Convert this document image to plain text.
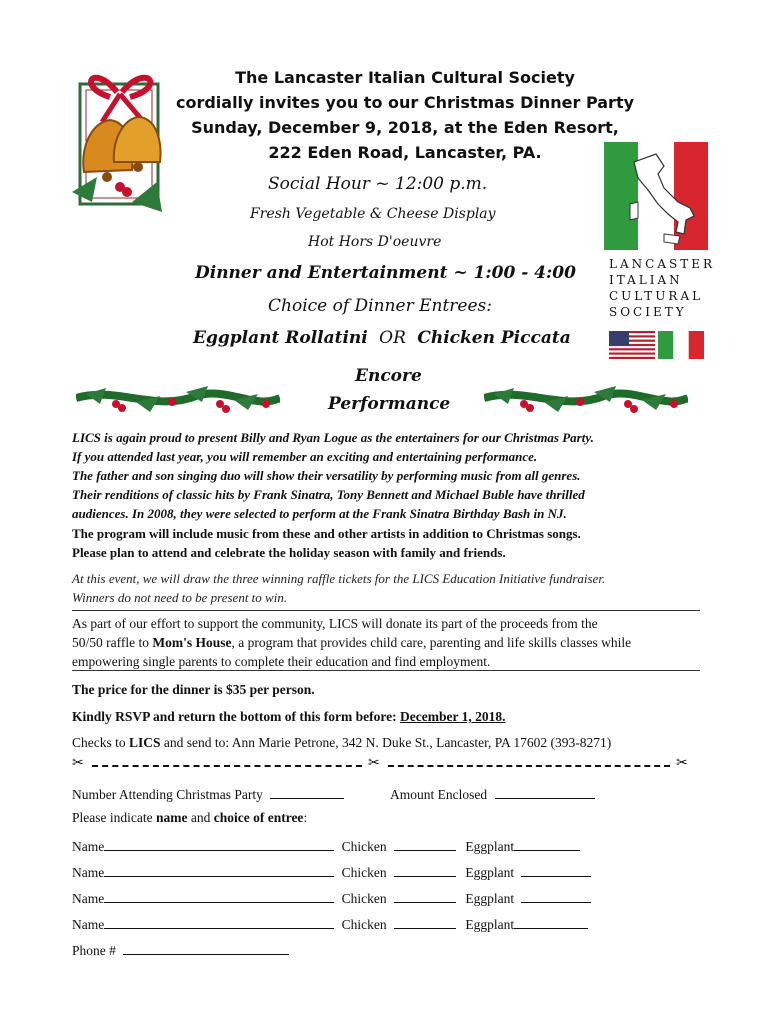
The Lancaster Italian Cultural Society
cordially invites you to our Christmas Dinner Party
Sunday, December 9, 2018, at the Eden Resort,
222 Eden Road, Lancaster, PA.
Social Hour ~ 12:00 p.m.
Fresh Vegetable & Cheese Display
Hot Hors D'oeuvre
Dinner and Entertainment ~ 1:00 - 4:00
Choice of Dinner Entrees:
Eggplant Rollatini OR Chicken Piccata
Encore
Performance
LANCASTER
ITALIAN
CULTURAL
SOCIETY
LICS is again proud to present Billy and Ryan Logue as the entertainers for our Christmas Party.
If you attended last year, you will remember an exciting and entertaining performance.
The father and son singing duo will show their versatility by performing music from all genres.
Their renditions of classic hits by Frank Sinatra, Tony Bennett and Michael Buble have thrilled
audiences. In 2008, they were selected to perform at the Frank Sinatra Birthday Bash in NJ.
The program will include music from these and other artists in addition to Christmas songs.
Please plan to attend and celebrate the holiday season with family and friends.
At this event, we will draw the three winning raffle tickets for the LICS Education Initiative fundraiser.
Winners do not need to be present to win.
As part of our effort to support the community, LICS will donate its part of the proceeds from the
50/50 raffle to Mom's House, a program that provides child care, parenting and life skills classes while
empowering single parents to complete their education and find employment.
The price for the dinner is $35 per person.
Kindly RSVP and return the bottom of this form before: December 1, 2018.
Checks to LICS and send to: Ann Marie Petrone, 342 N. Duke St., Lancaster, PA 17602 (393-8271)
✂	✂	✂
Number Attending Christmas Party	Amount Enclosed
Please indicate name and choice of entree:
Name	Chicken	Eggplant
Name	Chicken	Eggplant
Name	Chicken	Eggplant
Name	Chicken	Eggplant
Phone #
